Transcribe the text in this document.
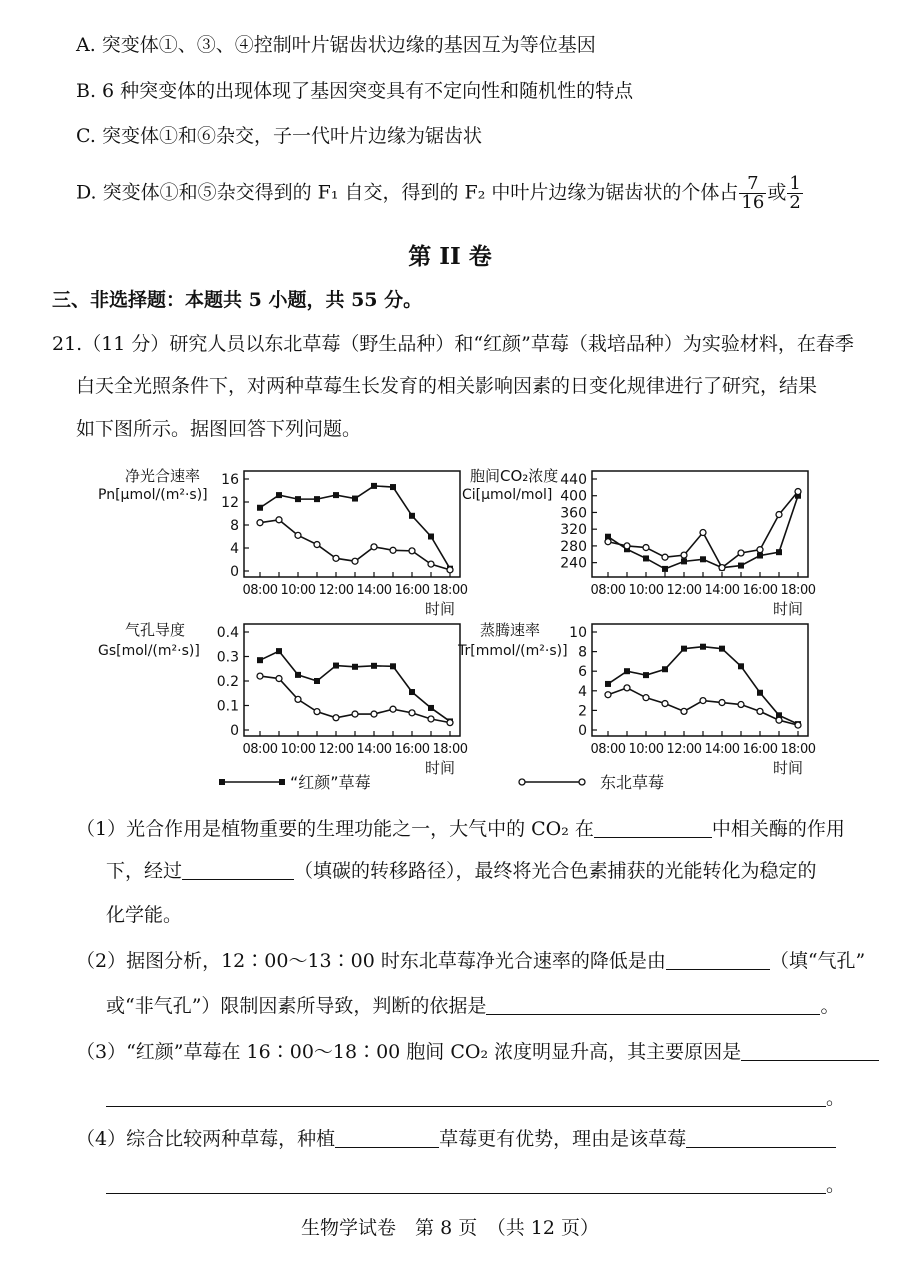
A. 突变体①、③、④控制叶片锯齿状边缘的基因互为等位基因
B. 6 种突变体的出现体现了基因突变具有不定向性和随机性的特点
C. 突变体①和⑥杂交，子一代叶片边缘为锯齿状
D. 突变体①和⑤杂交得到的 F₁ 自交，得到的 F₂ 中叶片边缘为锯齿状的个体占 $\frac{7}{16}$ 或 $\frac{1}{2}$
第 II 卷
三、非选择题：本题共 5 小题，共 55 分。
21.（11 分）研究人员以东北草莓（野生品种）和“红颜”草莓（栽培品种）为实验材料，在春季
白天全光照条件下，对两种草莓生长发育的相关影响因素的日变化规律进行了研究，结果
如下图所示。据图回答下列问题。
0
4
8
12
16
08:00 10:00 12:00 14:00 16:00 18:00
时间
净光合速率
Pn[μmol/(m²·s)]
240
280
320
360
400
440
08:00 10:00 12:00 14:00 16:00 18:00
时间
胞间CO₂浓度
Ci[μmol/mol]
0
0.1
0.2
0.3
0.4
08:00 10:00 12:00 14:00 16:00 18:00
时间
气孔导度
Gs[mol/(m²·s)]
0
2
4
6
8
10
08:00 10:00 12:00 14:00 16:00 18:00
时间
蒸腾速率
Tr[mmol/(m²·s)]
“红颜”草莓	东北草莓
（1）光合作用是植物重要的生理功能之一，大气中的 CO₂ 在	中相关酶的作用
下，经过	（填碳的转移路径），最终将光合色素捕获的光能转化为稳定的
化学能。
（2）据图分析，12∶00～13∶00 时东北草莓净光合速率的降低是由	（填“气孔”
或“非气孔”）限制因素所导致，判断的依据是	。
（3）“红颜”草莓在 16∶00～18∶00 胞间 CO₂ 浓度明显升高，其主要原因是
。
（4）综合比较两种草莓，种植	草莓更有优势，理由是该草莓
。
生物学试卷　第 8 页　（共 12 页）
